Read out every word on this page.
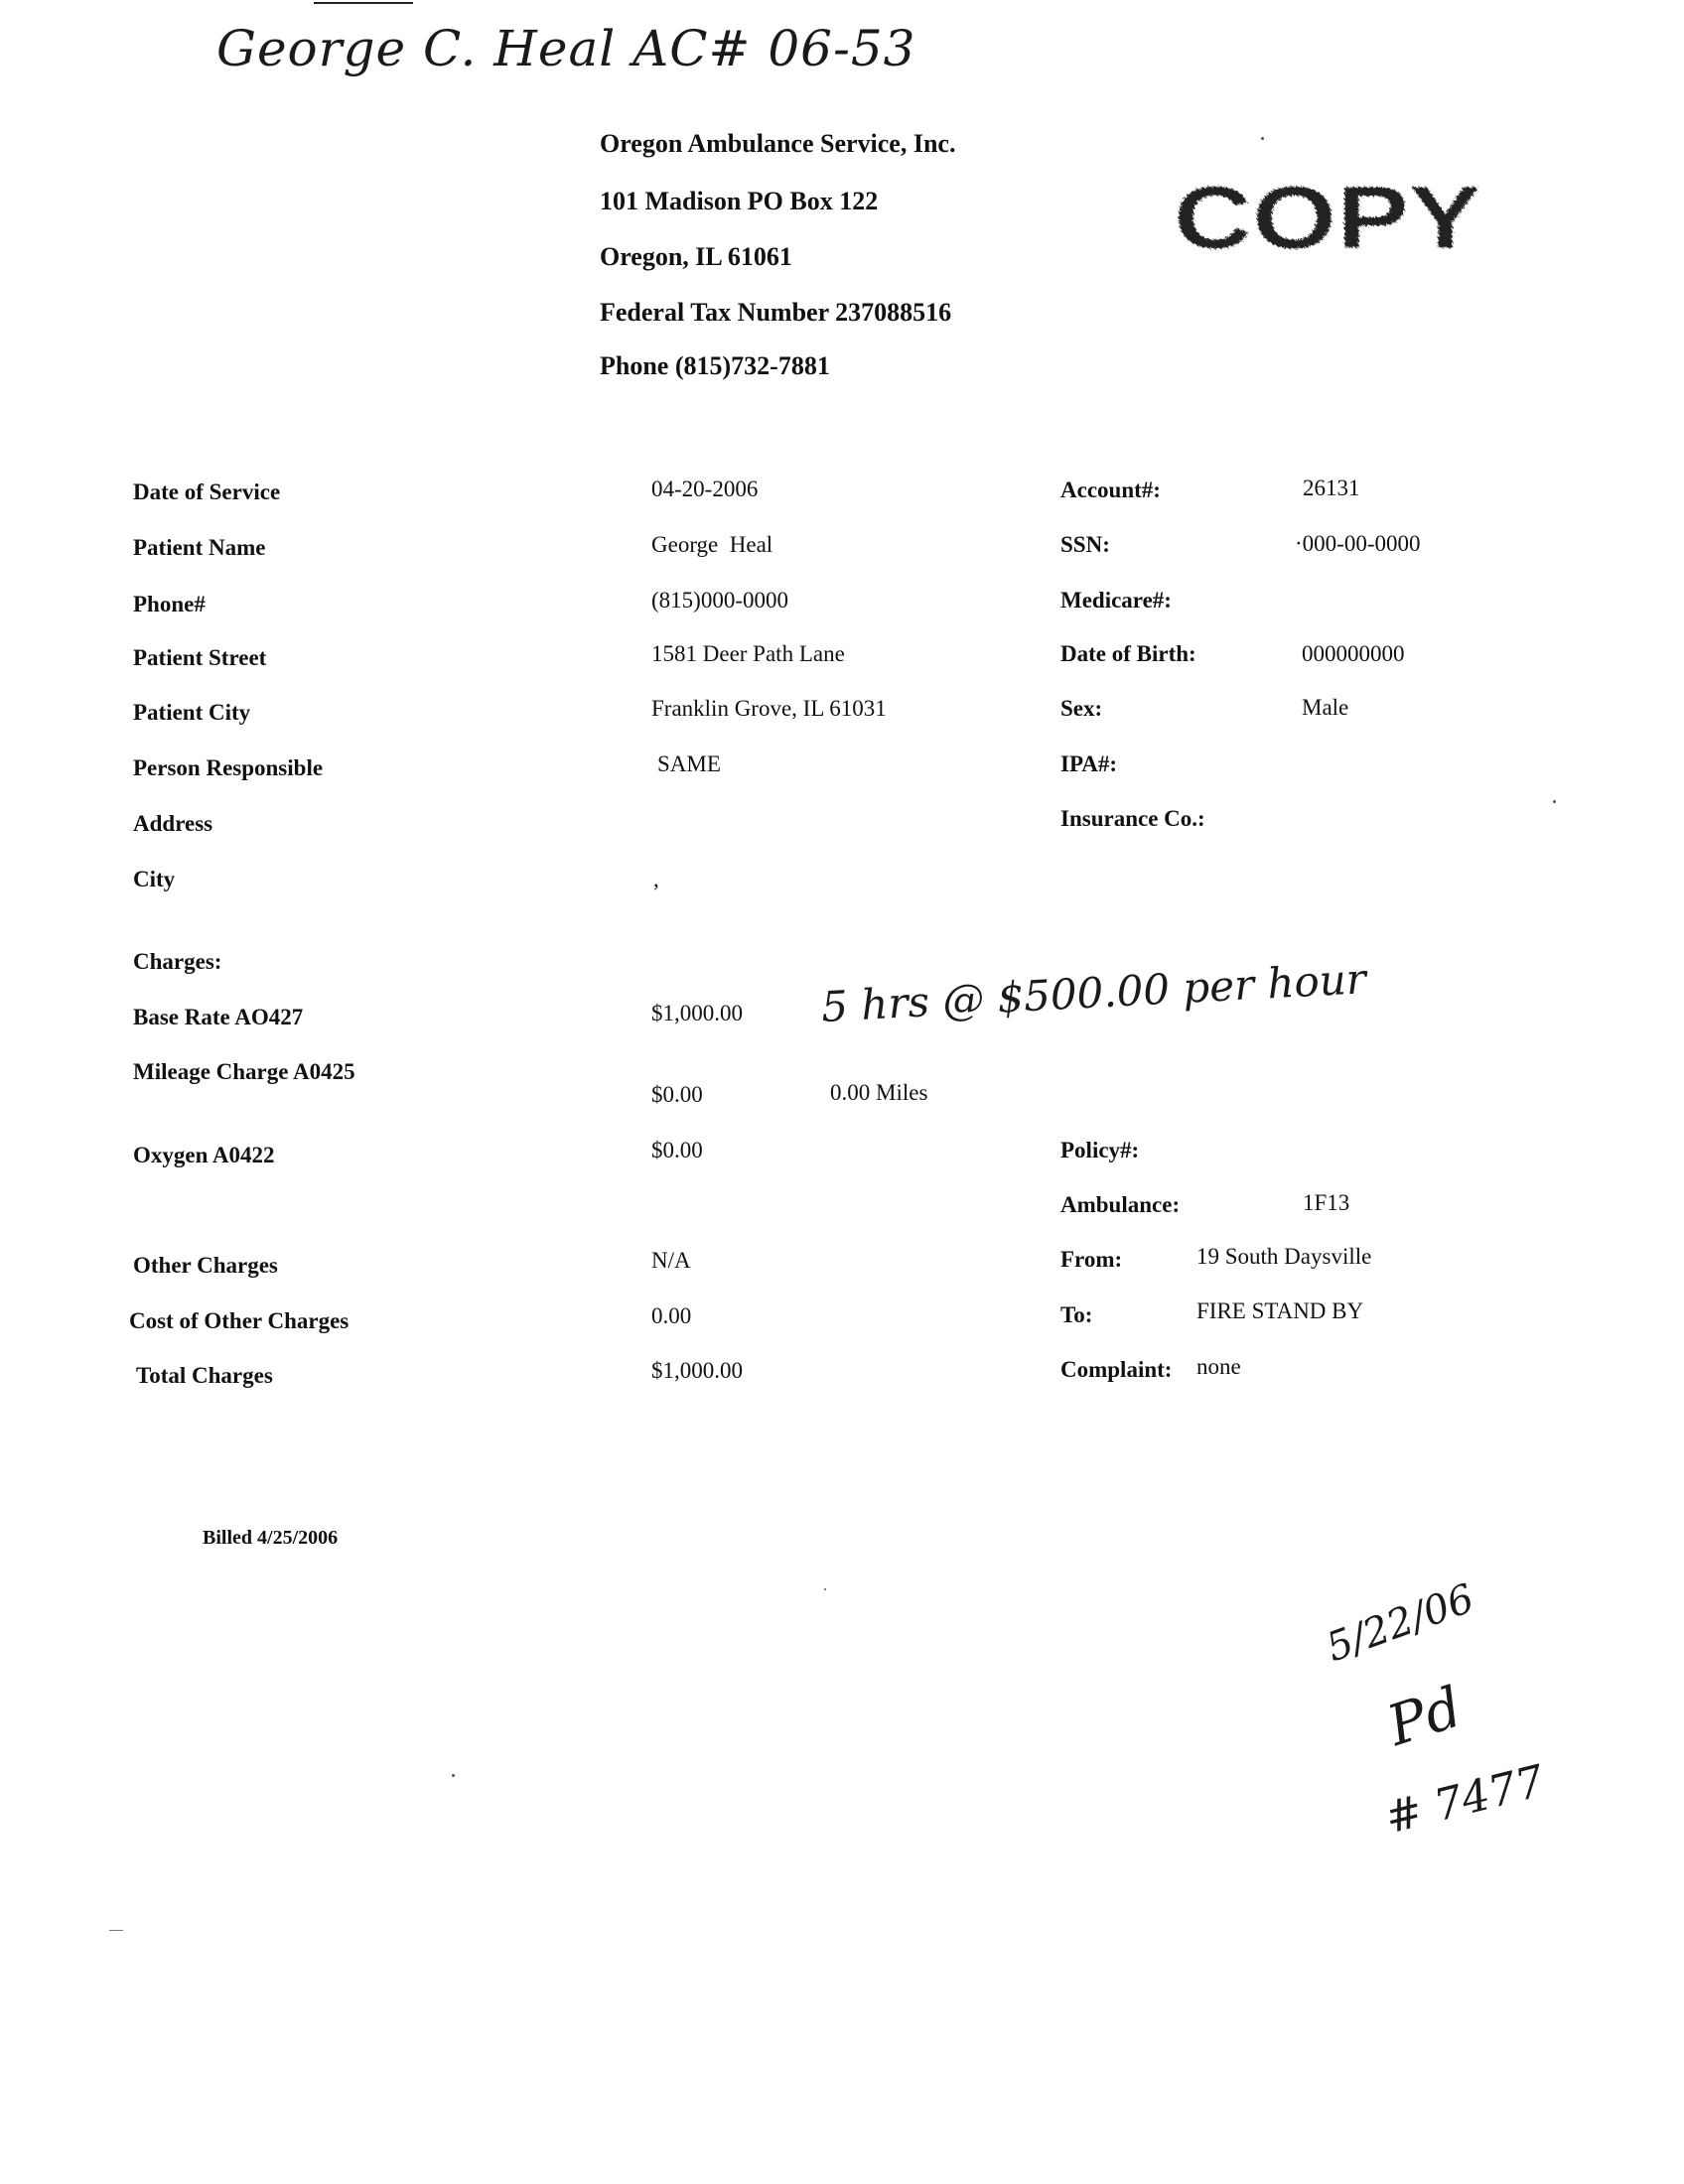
George C. Heal AC# 06-53
Oregon Ambulance Service, Inc.
101 Madison PO Box 122
Oregon, IL 61061
Federal Tax Number 237088516
Phone (815)732-7881
COPY
Date of Service
Patient Name
Phone#
Patient Street
Patient City
Person Responsible
Address
City
Charges:
Base Rate AO427
Mileage Charge A0425
Oxygen A0422
Other Charges
Cost of Other Charges
Total Charges
04-20-2006
George  Heal
(815)000-0000
1581 Deer Path Lane
Franklin Grove, IL 61031
SAME
,
$1,000.00
$0.00	0.00 Miles
$0.00
N/A
0.00
$1,000.00
5 hrs @ $500.00 per hour
Account#:
SSN:
Medicare#:
Date of Birth:
Sex:
IPA#:
Insurance Co.:
Policy#:
Ambulance:
From:
To:
Complaint:
26131
·000-00-0000
000000000
Male
1F13
19 South Daysville
FIRE STAND BY
none
Billed 4/25/2006
5/22/06
Pd
# 7477
